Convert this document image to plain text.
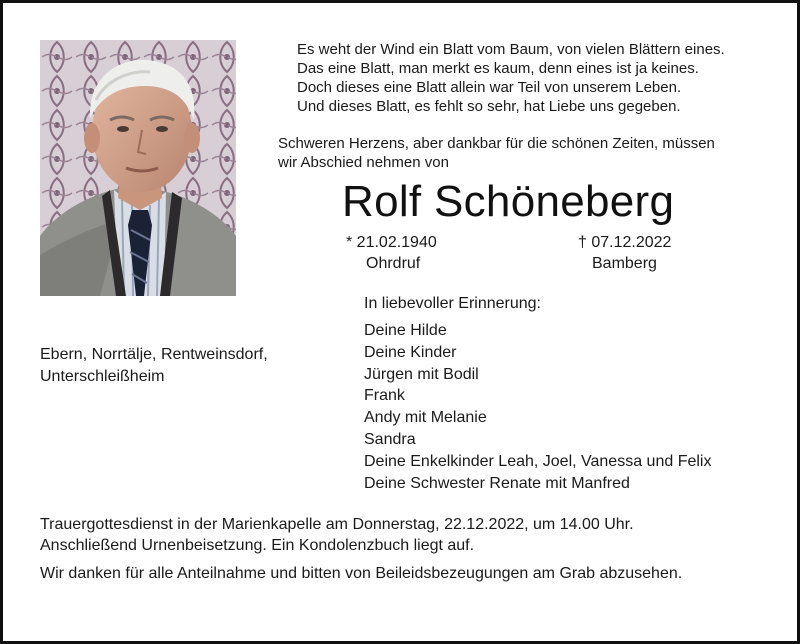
Es weht der Wind ein Blatt vom Baum, von vielen Blättern eines.
Das eine Blatt, man merkt es kaum, denn eines ist ja keines.
Doch dieses eine Blatt allein war Teil von unserem Leben.
Und dieses Blatt, es fehlt so sehr, hat Liebe uns gegeben.
Schweren Herzens, aber dankbar für die schönen Zeiten, müssen
wir Abschied nehmen von
Rolf Schöneberg
* 21.02.1940
Ohrdruf
† 07.12.2022
Bamberg
In liebevoller Erinnerung:
Deine Hilde
Deine Kinder
Jürgen mit Bodil
Frank
Andy mit Melanie
Sandra
Deine Enkelkinder Leah, Joel, Vanessa und Felix
Deine Schwester Renate mit Manfred
Ebern, Norrtälje, Rentweinsdorf,
Unterschleißheim
Trauergottesdienst in der Marienkapelle am Donnerstag, 22.12.2022, um 14.00 Uhr.
Anschließend Urnenbeisetzung. Ein Kondolenzbuch liegt auf.
Wir danken für alle Anteilnahme und bitten von Beileidsbezeugungen am Grab abzusehen.
